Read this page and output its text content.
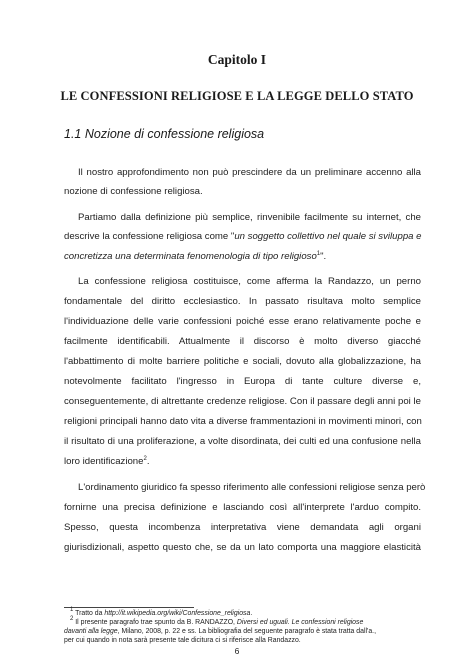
Capitolo I
LE CONFESSIONI RELIGIOSE E LA LEGGE DELLO STATO
1.1 Nozione di confessione religiosa
Il nostro approfondimento non può prescindere da un preliminare accenno alla
nozione di confessione religiosa.
Partiamo dalla definizione più semplice, rinvenibile facilmente su internet, che
descrive la confessione religiosa come "un soggetto collettivo nel quale si sviluppa e
concretizza una determinata fenomenologia di tipo religioso$^1$".
La confessione religiosa costituisce, come afferma la Randazzo, un perno
fondamentale del diritto ecclesiastico. In passato risultava molto semplice
l'individuazione delle varie confessioni poiché esse erano relativamente poche e
facilmente identificabili. Attualmente il discorso è molto diverso giacché
l'abbattimento di molte barriere politiche e sociali, dovuto alla globalizzazione, ha
notevolmente facilitato l'ingresso in Europa di tante culture diverse e,
conseguentemente, di altrettante credenze religiose. Con il passare degli anni poi le
religioni principali hanno dato vita a diverse frammentazioni in movimenti minori, con
il risultato di una proliferazione, a volte disordinata, dei culti ed una confusione nella
loro identificazione$^2$.
L'ordinamento giuridico fa spesso riferimento alle confessioni religiose senza però
fornirne una precisa definizione e lasciando così all'interprete l'arduo compito.
Spesso, questa incombenza interpretativa viene demandata agli organi
giurisdizionali, aspetto questo che, se da un lato comporta una maggiore elasticità
$^1$ Tratto da http://it.wikipedia.org/wiki/Confessione_religiosa.
$^2$ Il presente paragrafo trae spunto da B. RANDAZZO, Diversi ed uguali. Le confessioni religiose
davanti alla legge, Milano, 2008, p. 22 e ss. La bibliografia del seguente paragrafo è stata tratta dall'a.,
per cui quando in nota sarà presente tale dicitura ci si riferisce alla Randazzo.
6
